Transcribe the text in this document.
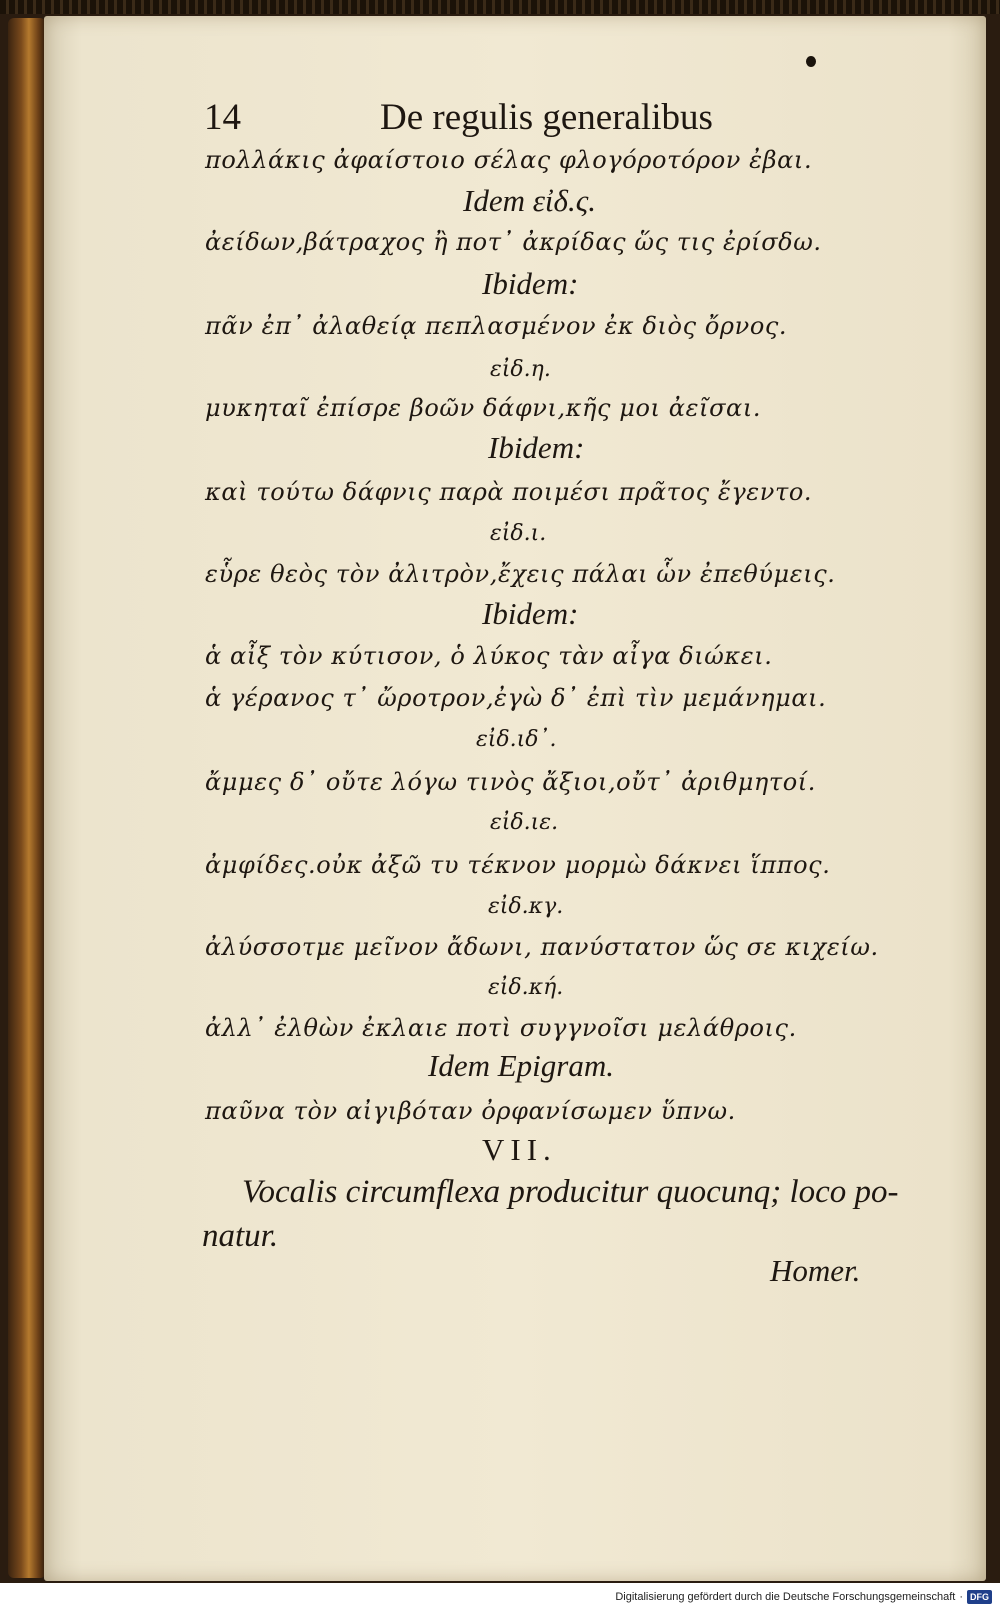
14	De regulis generalibus
πολλάκις ἀφαίστοιο σέλας φλογόροτόρον ἐβαι.
Idem εἰδ.ς.
ἀείδων,βάτραχος ἢ ποτ᾽ ἀκρίδας ὥς τις ἐρίσδω.
Ibidem:
πᾶν ἐπ᾽ ἀλαθείᾳ πεπλασμένον ἐκ διὸς ὄρνος.
εἰδ.η.
μυκηταῖ ἐπίσρε βοῶν δάφνι,κῆς μοι ἀεῖσαι.
Ibidem:
καὶ τούτω δάφνις παρὰ ποιμέσι πρᾶτος ἔγεντο.
εἰδ.ι.
εὗρε θεὸς τὸν ἀλιτρὸν,ἔχεις πάλαι ὧν ἐπεθύμεις.
Ibidem:
ἁ αἶξ τὸν κύτισον, ὁ λύκος τὰν αἶγα διώκει.
ἁ γέρανος τ᾽ ὤροτρον,ἐγὼ δ᾽ ἐπὶ τὶν μεμάνημαι.
εἰδ.ιδ᾽.
ἄμμες δ᾽ οὔτε λόγω τινὸς ἄξιοι,οὔτ᾽ ἀριθμητοί.
εἰδ.ιε.
ἀμφίδες.οὐκ ἀξῶ τυ τέκνον μορμὼ δάκνει ἵππος.
εἰδ.κγ.
ἀλύσσοτμε μεῖνον ἄδωνι, πανύστατον ὥς σε κιχείω.
εἰδ.κή.
ἀλλ᾽ ἐλθὼν ἐκλαιε ποτὶ συγγνοῖσι μελάθροις.
Idem Epigram.
παῦνα τὸν αἰγιβόταν ὀρφανίσωμεν ὕπνω.
VII.
Vocalis circumflexa producitur quocunq; loco po-
natur.
Homer.
Digitalisierung gefördert durch die Deutsche Forschungsgemeinschaft · DFG
